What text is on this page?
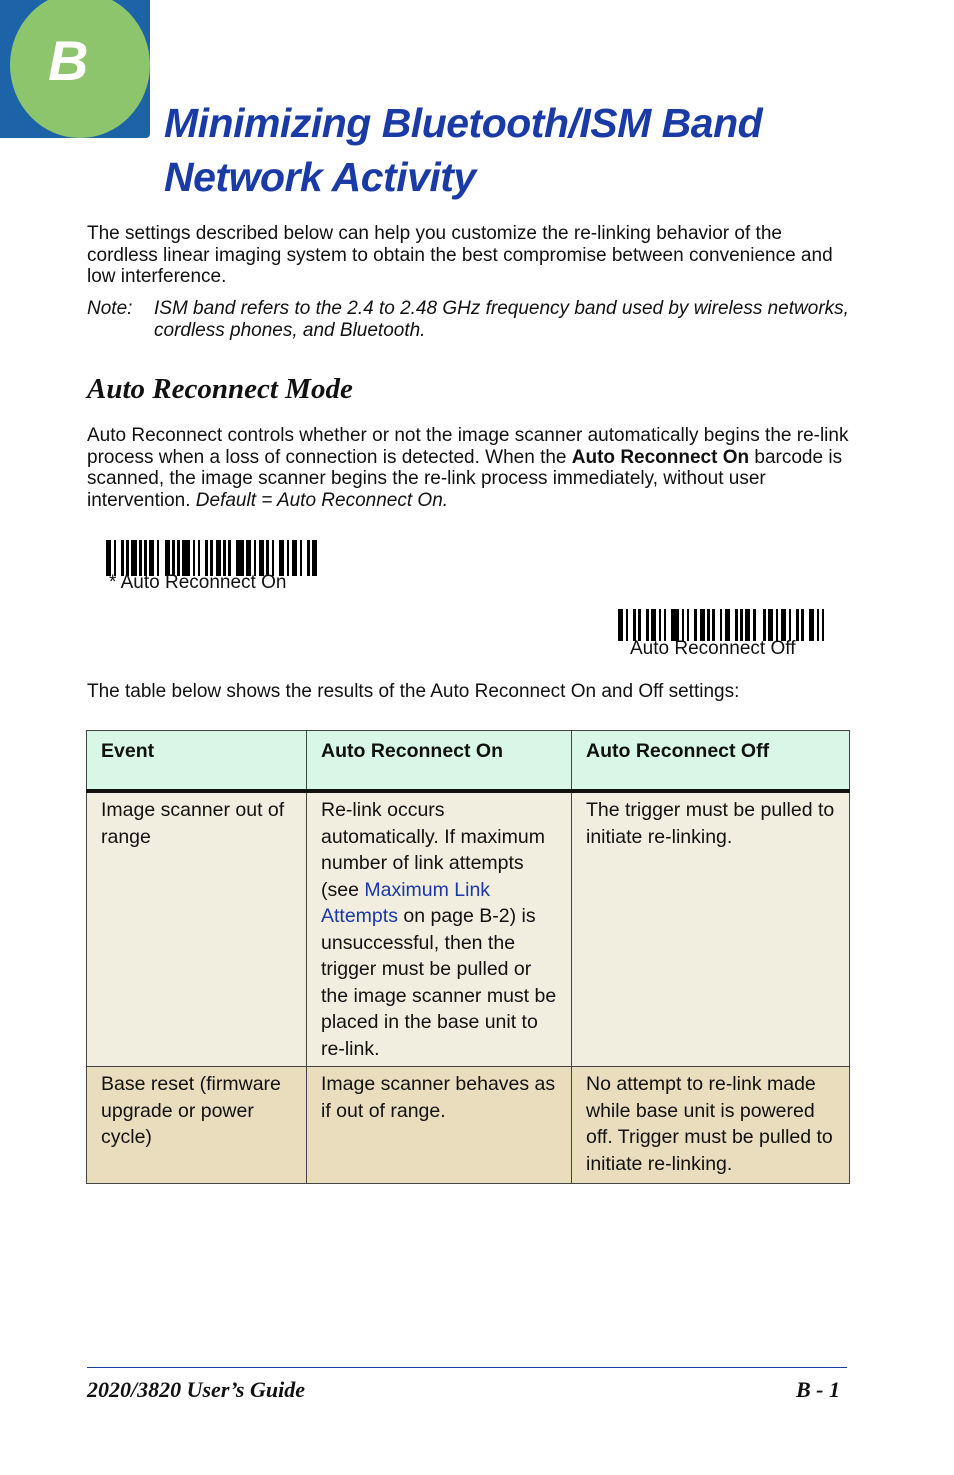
B
Minimizing Bluetooth/ISM Band Network Activity

The settings described below can help you customize the re-linking behavior of the cordless linear imaging system to obtain the best compromise between convenience and low interference.

Note:	ISM band refers to the 2.4 to 2.48 GHz frequency band used by wireless networks, cordless phones, and Bluetooth.
Auto Reconnect Mode

Auto Reconnect controls whether or not the image scanner automatically begins the re-link process when a loss of connection is detected. When the Auto Reconnect On barcode is scanned, the image scanner begins the re-link process immediately, without user intervention. Default = Auto Reconnect On.

* Auto Reconnect On
Auto Reconnect Off

The table below shows the results of the Auto Reconnect On and Off settings:

Event	Auto Reconnect On	Auto Reconnect Off
Image scanner out of range	Re-link occurs automatically. If maximum number of link attempts (see Maximum Link Attempts on page B-2) is unsuccessful, then the trigger must be pulled or the image scanner must be placed in the base unit to re-link.	The trigger must be pulled to initiate re-linking.
Base reset (firmware upgrade or power cycle)	Image scanner behaves as if out of range.	No attempt to re-link made while base unit is powered off. Trigger must be pulled to initiate re-linking.
2020/3820 User’s Guide	B - 1
